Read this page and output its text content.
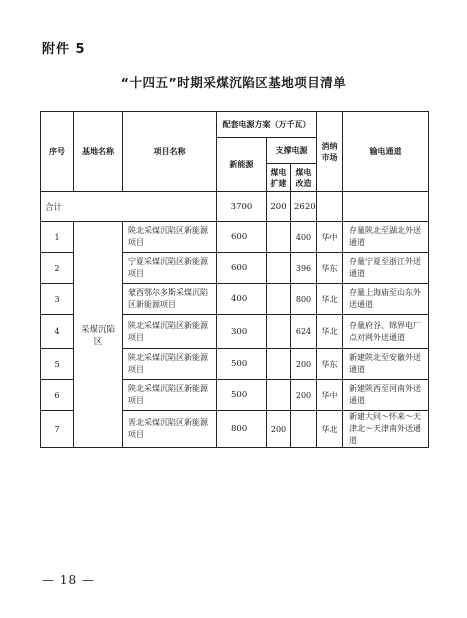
附件 5
“十四五”时期采煤沉陷区基地项目清单
序号	基地名称	项目名称	配套电源方案（万千瓦）			消纳市场	输电通道
			新能源	支撑电源			
				煤电扩建	煤电改造		
合计			3700	200	2620		
1	采煤沉陷区	陕北采煤沉陷区新能源项目	600		400	华中	存量陕北至湖北外送通道
2		宁夏采煤沉陷区新能源项目	600		396	华东	存量宁夏至浙江外送通道
3		蒙西鄂尔多斯采煤沉陷区新能源项目	400		800	华北	存量上海庙至山东外送通道
4		陕北采煤沉陷区新能源项目	300		624	华北	存量府谷、锦界电厂点对网外送通道
5		陕北采煤沉陷区新能源项目	500		200	华东	新建陕北至安徽外送通道
6		陕北采煤沉陷区新能源项目	500		200	华中	新建陕西至河南外送通道
7		晋北采煤沉陷区新能源项目	800	200		华北	新建大同～怀来～天津北～天津南外送通道
— 18 —
